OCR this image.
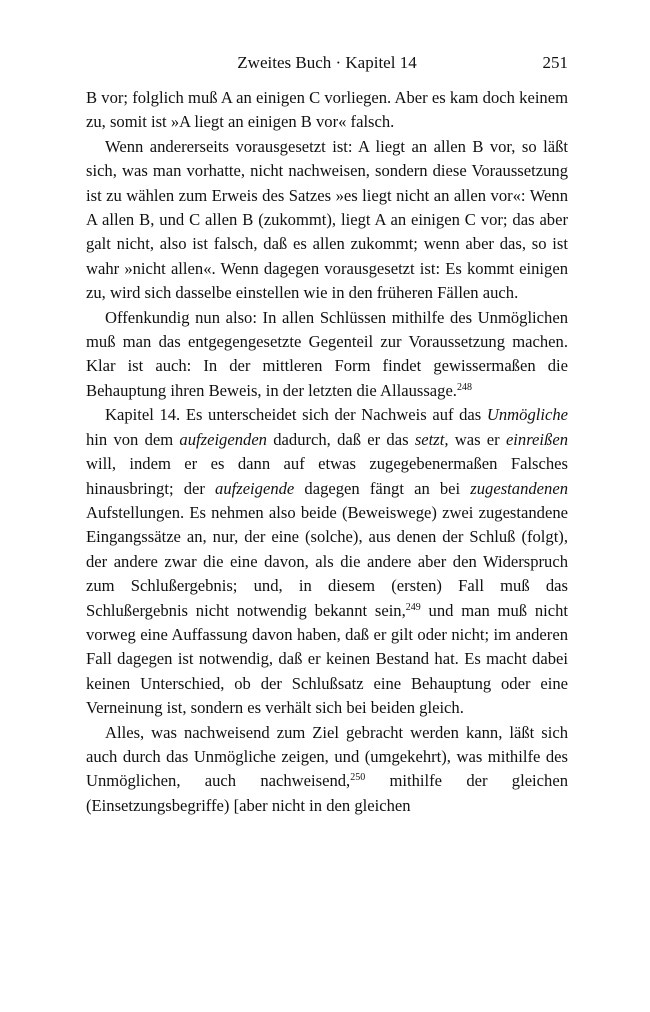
Zweites Buch · Kapitel 14	251

B vor; folglich muß A an einigen C vorliegen. Aber es kam doch keinem zu, somit ist »A liegt an einigen B vor« falsch.

Wenn andererseits vorausgesetzt ist: A liegt an allen B vor, so läßt sich, was man vorhatte, nicht nachweisen, sondern diese Voraussetzung ist zu wählen zum Erweis des Satzes »es liegt nicht an allen vor«: Wenn A allen B, und C allen B (zukommt), liegt A an einigen C vor; das aber galt nicht, also ist falsch, daß es allen zukommt; wenn aber das, so ist wahr »nicht allen«. Wenn dagegen vorausgesetzt ist: Es kommt einigen zu, wird sich dasselbe einstellen wie in den früheren Fällen auch.

Offenkundig nun also: In allen Schlüssen mithilfe des Unmöglichen muß man das entgegengesetzte Gegenteil zur Voraussetzung machen. Klar ist auch: In der mittleren Form findet gewissermaßen die Behauptung ihren Beweis, in der letzten die Allaussage.$^{248}$

Kapitel 14. Es unterscheidet sich der Nachweis auf das Unmögliche hin von dem aufzeigenden dadurch, daß er das setzt, was er einreißen will, indem er es dann auf etwas zugegebenermaßen Falsches hinausbringt; der aufzeigende dagegen fängt an bei zugestandenen Aufstellungen. Es nehmen also beide (Beweiswege) zwei zugestandene Eingangssätze an, nur, der eine (solche), aus denen der Schluß (folgt), der andere zwar die eine davon, als die andere aber den Widerspruch zum Schlußergebnis; und, in diesem (ersten) Fall muß das Schlußergebnis nicht notwendig bekannt sein,$^{249}$ und man muß nicht vorweg eine Auffassung davon haben, daß er gilt oder nicht; im anderen Fall dagegen ist notwendig, daß er keinen Bestand hat. Es macht dabei keinen Unterschied, ob der Schlußsatz eine Behauptung oder eine Verneinung ist, sondern es verhält sich bei beiden gleich.

Alles, was nachweisend zum Ziel gebracht werden kann, läßt sich auch durch das Unmögliche zeigen, und (umgekehrt), was mithilfe des Unmöglichen, auch nachweisend,$^{250}$ mithilfe der gleichen (Einsetzungsbegriffe) [aber nicht in den gleichen
